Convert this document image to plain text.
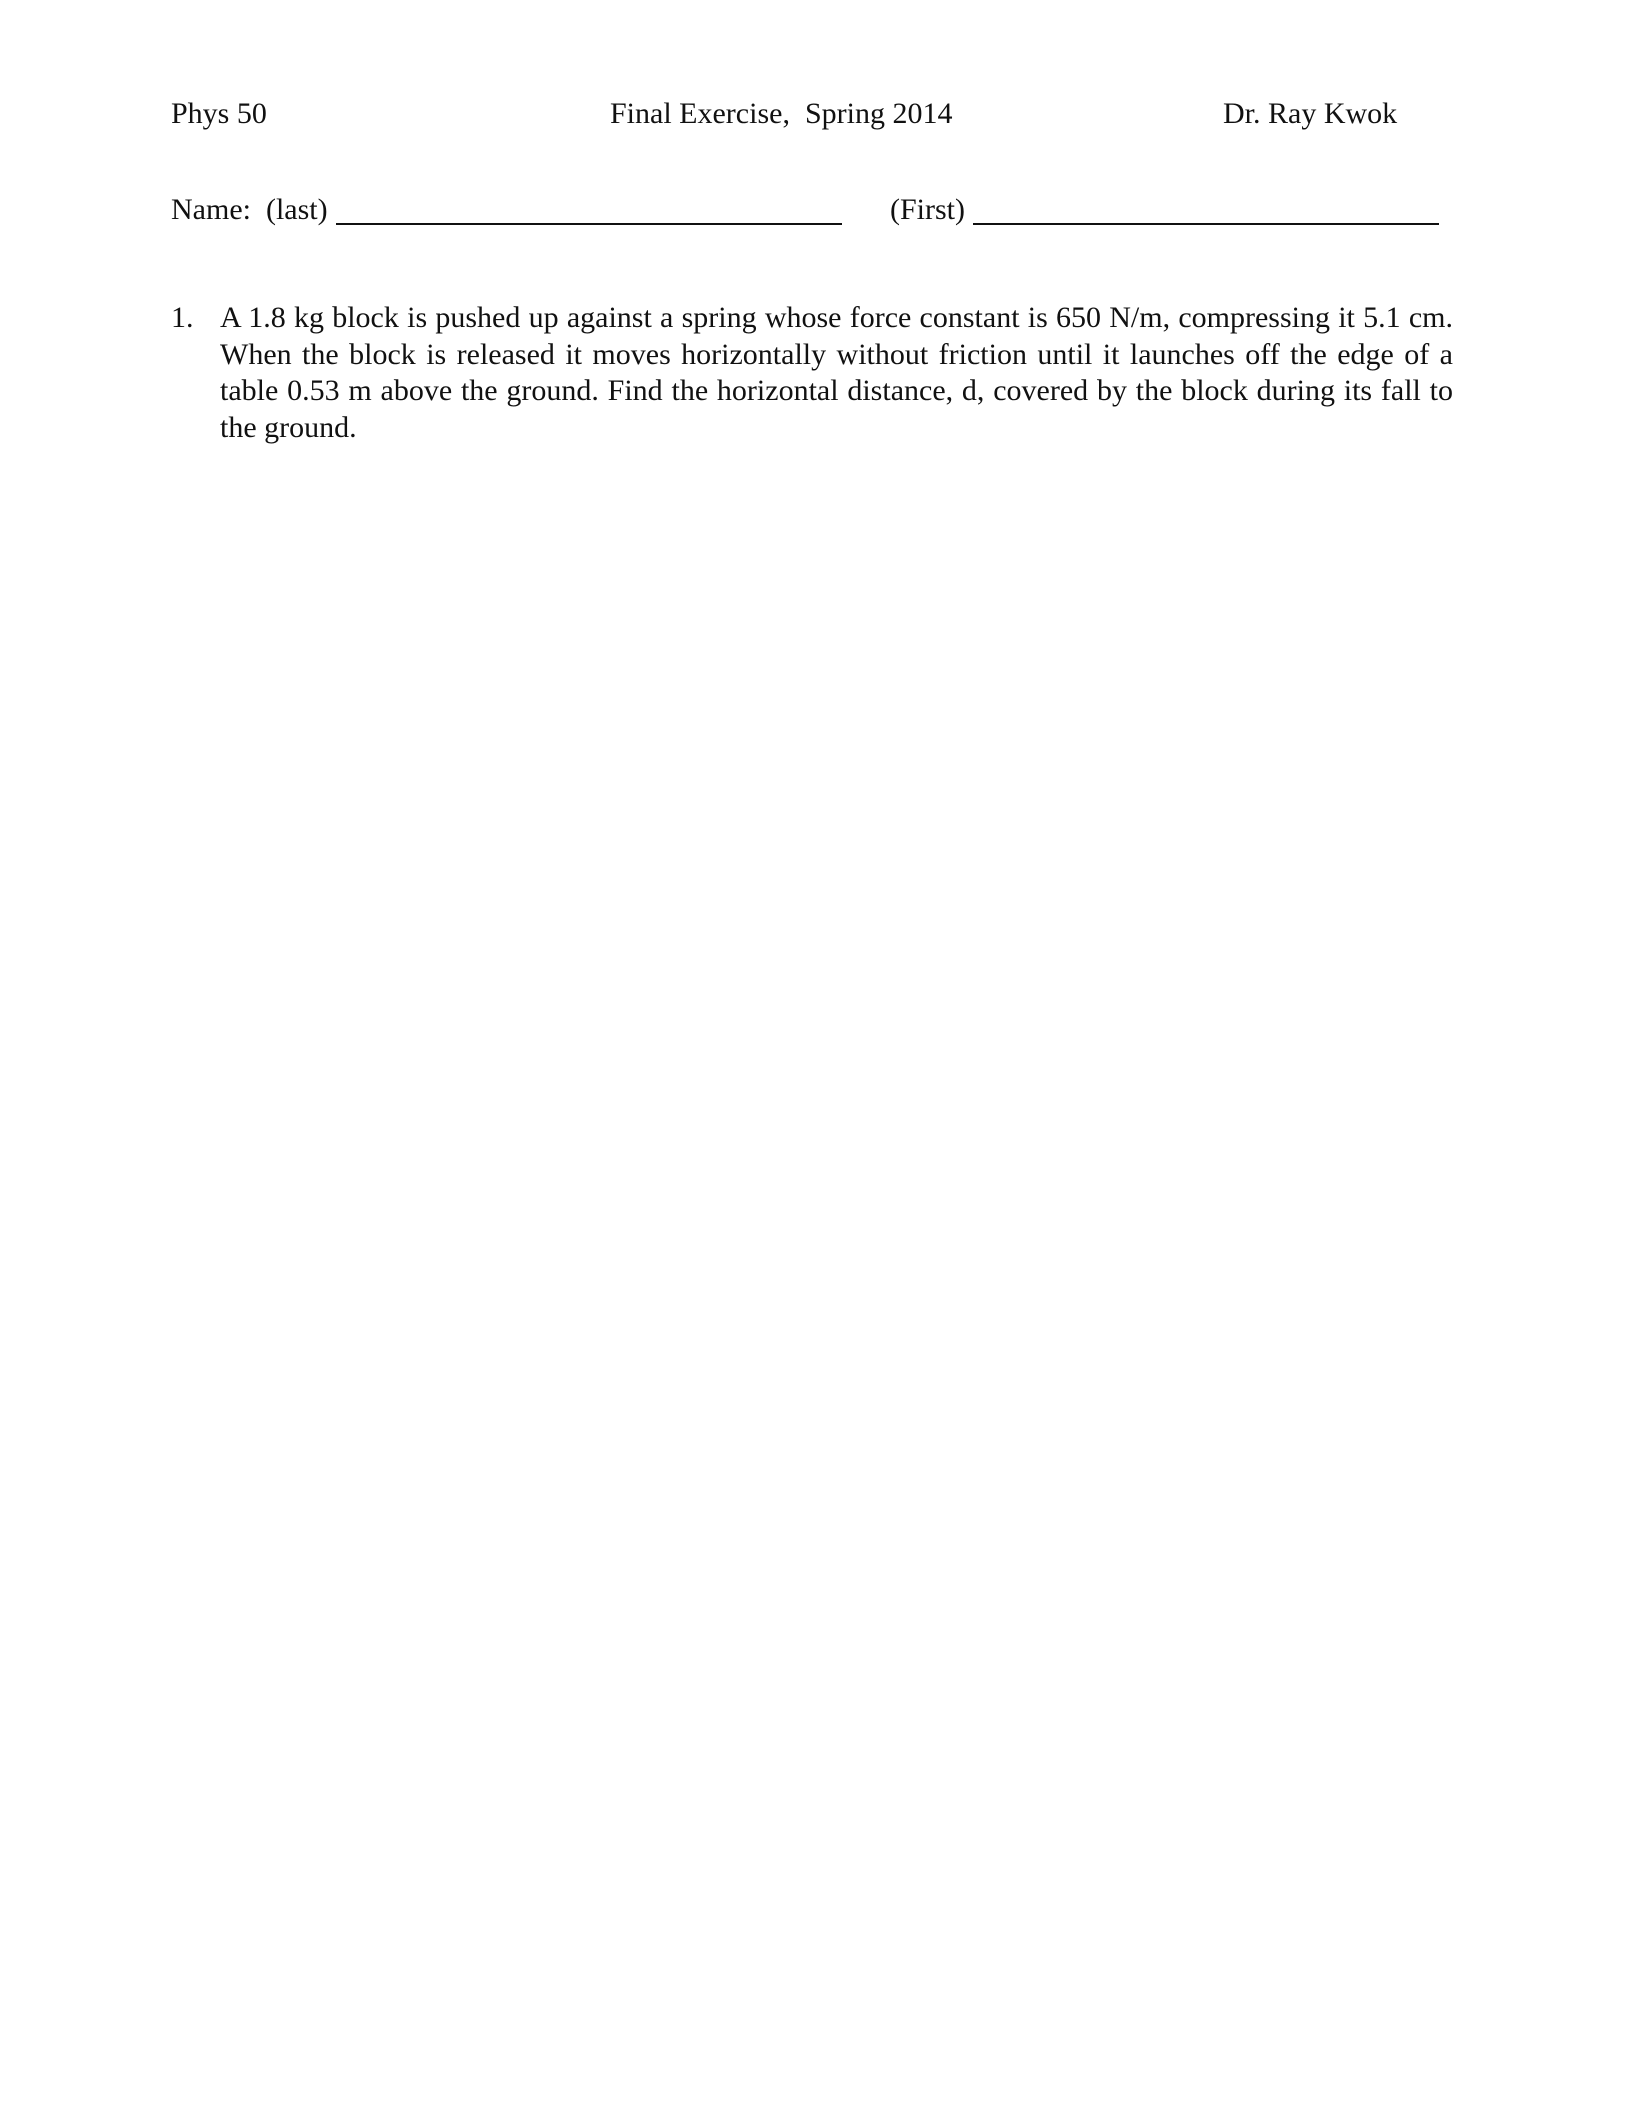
Phys 50	Final Exercise,  Spring 2014	Dr. Ray Kwok
Name:  (last)	(First)
1. A 1.8 kg block is pushed up against a spring whose force constant is 650 N/m, compressing it 5.1 cm. When the block is released it moves horizontally without friction until it launches off the edge of a table 0.53 m above the ground. Find the horizontal distance, d, covered by the block during its fall to the ground.
